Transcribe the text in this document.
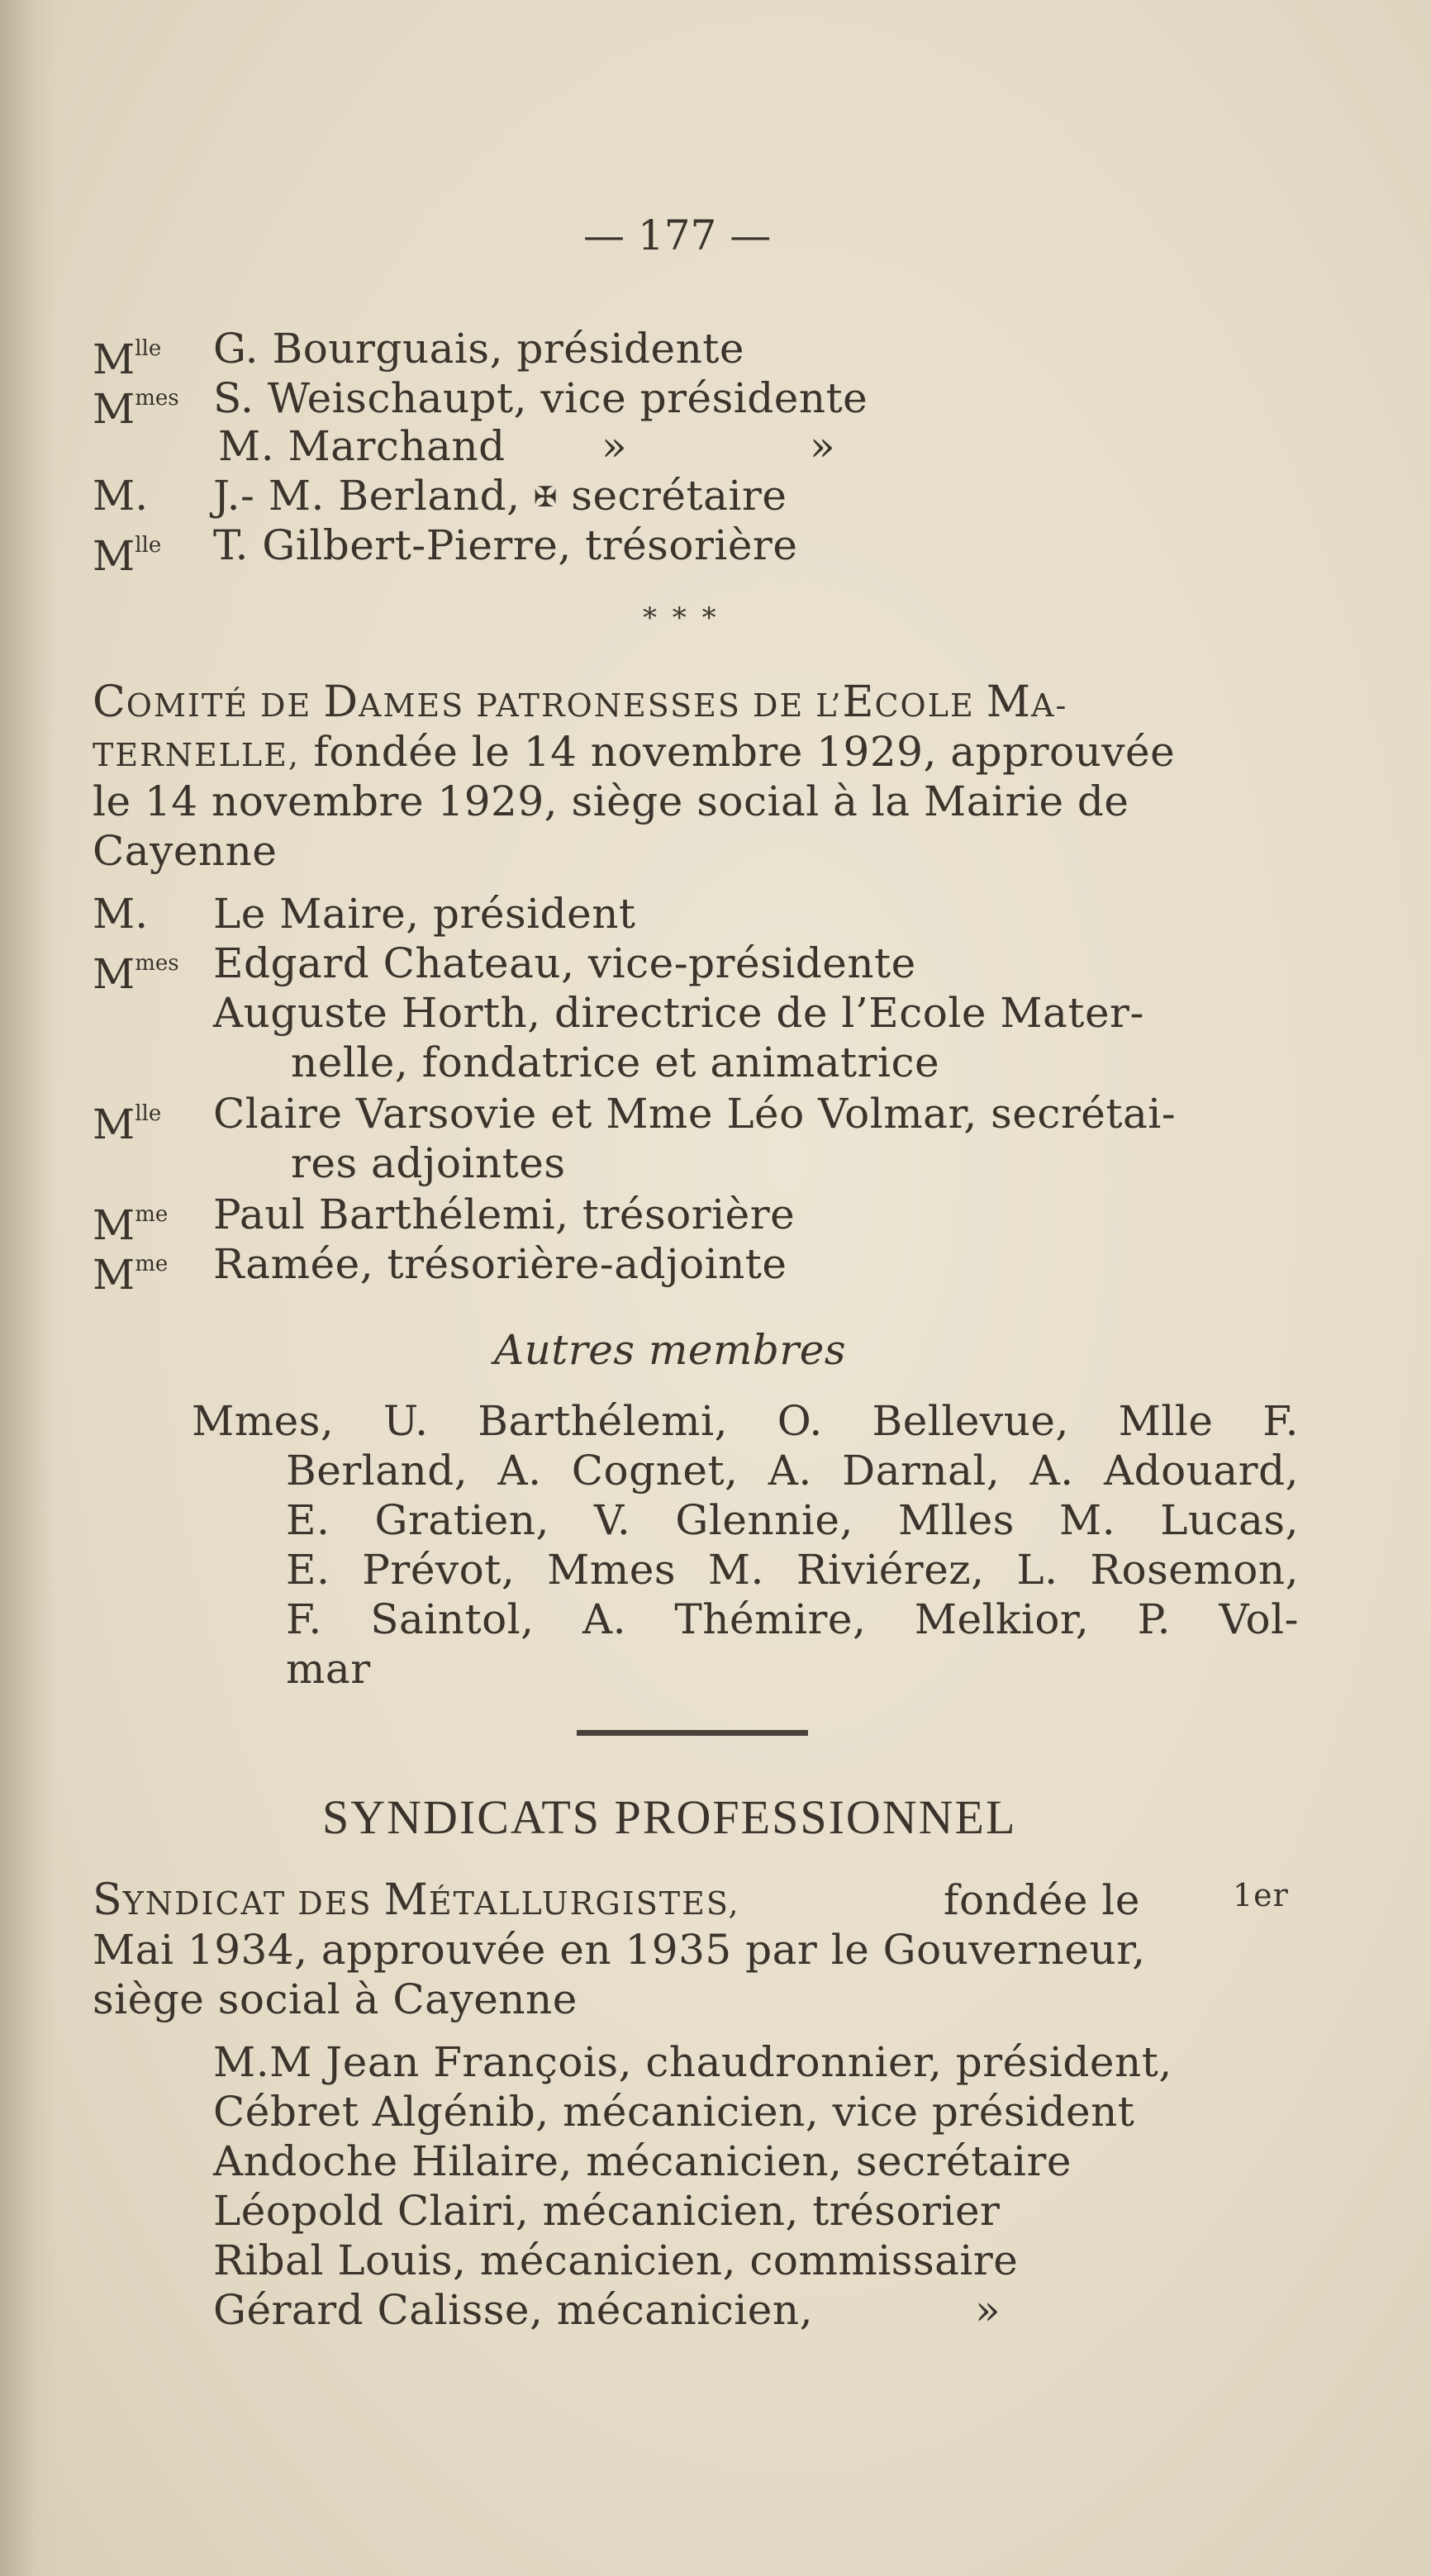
— 177 —
$M^{lle}$ G. Bourguais, présidente
$M^{mes}$ S. Weischaupt, vice présidente
M. Marchand »	»
M. J.- M. Berland, ✠ secrétaire
$M^{lle}$ T. Gilbert-Pierre, trésorière
* * *
COMITÉ DE DAMES PATRONESSES DE L’ECOLE MA-
TERNELLE, fondée le 14 novembre 1929, approuvée
le 14 novembre 1929, siège social à la Mairie de
Cayenne
M. Le Maire, président
$M^{mes}$ Edgard Chateau, vice-présidente
Auguste Horth, directrice de l’Ecole Mater-
nelle, fondatrice et animatrice
$M^{lle}$ Claire Varsovie et Mme Léo Volmar, secrétai-
res adjointes
$M^{me}$ Paul Barthélemi, trésorière
$M^{me}$ Ramée, trésorière-adjointe
Autres membres
Mmes, U. Barthélemi, O. Bellevue, Mlle F.
Berland, A. Cognet, A. Darnal, A. Adouard,
E. Gratien, V. Glennie, Mlles M. Lucas,
E. Prévot, Mmes M. Riviérez, L. Rosemon,
F. Saintol, A. Thémire, Melkior, P. Vol-
mar
SYNDICATS PROFESSIONNEL
SYNDICAT DES MÉTALLURGISTES,	fondée le	1er
Mai 1934, approuvée en 1935 par le Gouverneur,
siège social à Cayenne
M.M Jean François, chaudronnier, président,
Cébret Algénib, mécanicien, vice président
Andoche Hilaire, mécanicien, secrétaire
Léopold Clairi, mécanicien, trésorier
Ribal Louis, mécanicien, commissaire
Gérard Calisse, mécanicien,	»
